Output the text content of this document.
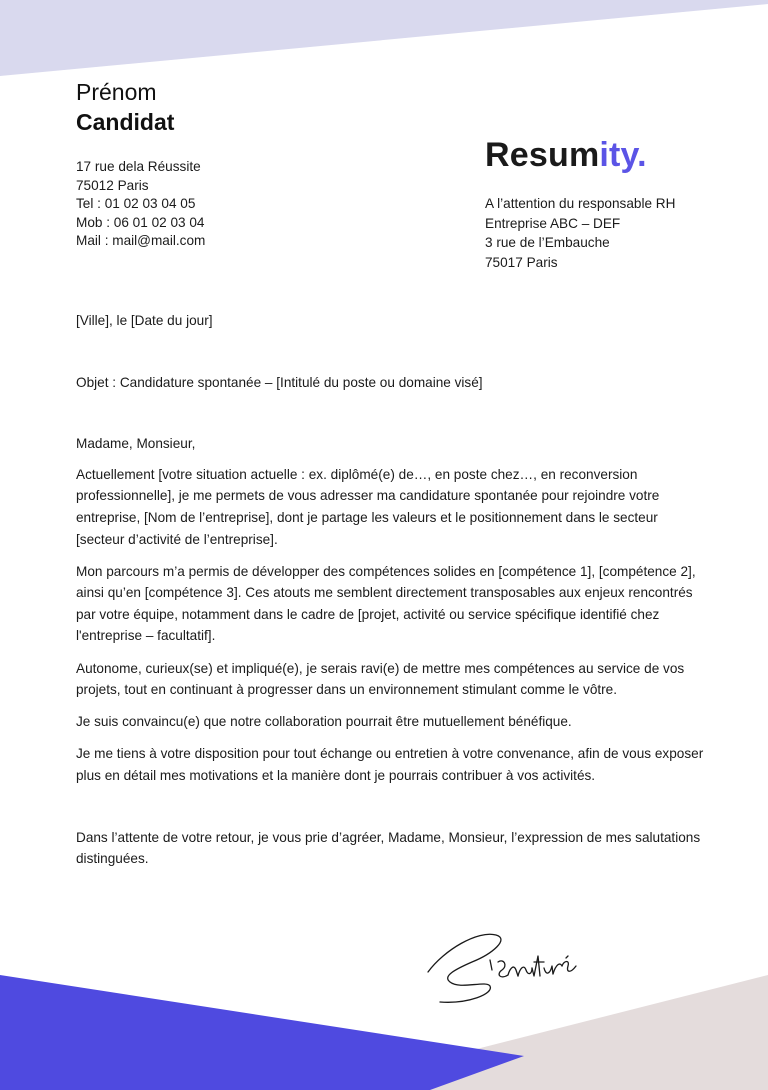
Prénom
Candidat
17 rue dela Réussite
75012 Paris
Tel : 01 02 03 04 05
Mob : 06 01 02 03 04
Mail : mail@mail.com
Resumity.
A l’attention du responsable RH
Entreprise ABC – DEF
3 rue de l’Embauche
75017 Paris

[Ville], le [Date du jour]

Objet : Candidature spontanée – [Intitulé du poste ou domaine visé]

Madame, Monsieur,

Actuellement [votre situation actuelle : ex. diplômé(e) de…, en poste chez…, en reconversion professionnelle], je me permets de vous adresser ma candidature spontanée pour rejoindre votre entreprise, [Nom de l’entreprise], dont je partage les valeurs et le positionnement dans le secteur [secteur d’activité de l’entreprise].

Mon parcours m’a permis de développer des compétences solides en [compétence 1], [compétence 2], ainsi qu’en [compétence 3]. Ces atouts me semblent directement transposables aux enjeux rencontrés par votre équipe, notamment dans le cadre de [projet, activité ou service spécifique identifié chez l'entreprise – facultatif].

Autonome, curieux(se) et impliqué(e), je serais ravi(e) de mettre mes compétences au service de vos projets, tout en continuant à progresser dans un environnement stimulant comme le vôtre.

Je suis convaincu(e) que notre collaboration pourrait être mutuellement bénéfique.

Je me tiens à votre disposition pour tout échange ou entretien à votre convenance, afin de vous exposer plus en détail mes motivations et la manière dont je pourrais contribuer à vos activités.

Dans l’attente de votre retour, je vous prie d’agréer, Madame, Monsieur, l’expression de mes salutations distinguées.
